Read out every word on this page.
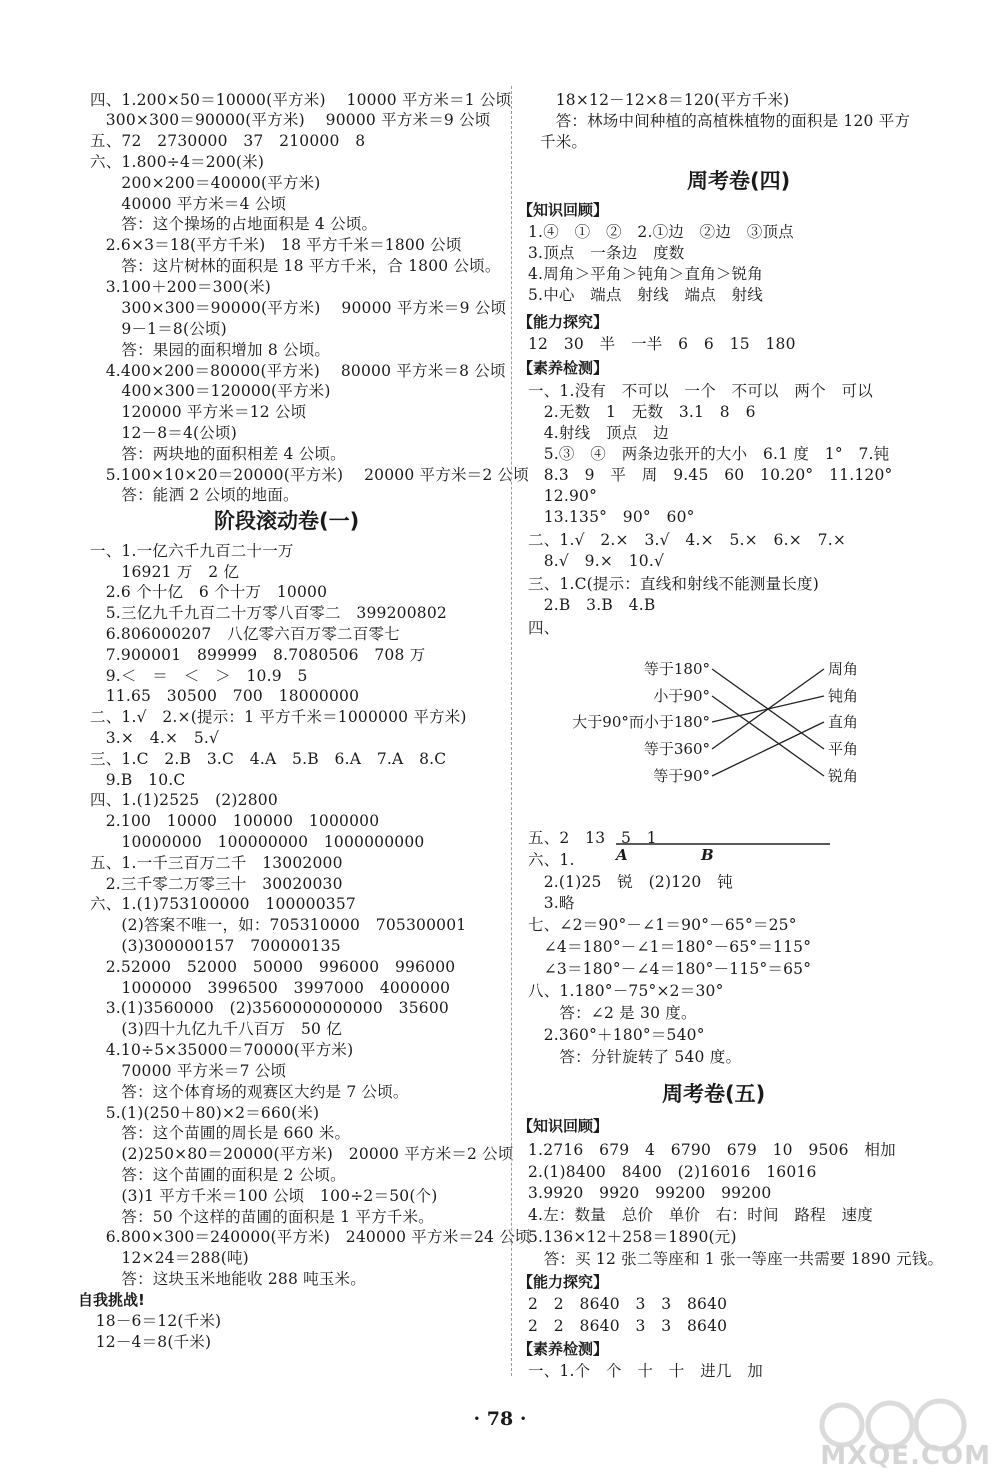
四、1.200×50＝10000(平方米)　 10000 平方米＝1 公顷
　300×300＝90000(平方米)　 90000 平方米＝9 公顷
五、72　2730000　37　210000　8
六、1.800÷4＝200(米)
　　200×200＝40000(平方米)
　　40000 平方米＝4 公顷
　　答：这个操场的占地面积是 4 公顷。
　2.6×3＝18(平方千米)　18 平方千米＝1800 公顷
　　答：这片树林的面积是 18 平方千米，合 1800 公顷。
　3.100＋200＝300(米)
　　300×300＝90000(平方米)　 90000 平方米＝9 公顷
　　9－1＝8(公顷)
　　答：果园的面积增加 8 公顷。
　4.400×200＝80000(平方米)　 80000 平方米＝8 公顷
　　400×300＝120000(平方米)
　　120000 平方米＝12 公顷
　　12－8＝4(公顷)
　　答：两块地的面积相差 4 公顷。
　5.100×10×20＝20000(平方米)　 20000 平方米＝2 公顷
　　答：能洒 2 公顷的地面。
一、1.一亿六千九百二十一万
　　16921 万　2 亿
　2.6 个十亿　6 个十万　10000
　5.三亿九千九百二十万零八百零二　399200802
　6.806000207　八亿零六百万零二百零七
　7.900001　899999　8.7080506　708 万
　9.＜　＝　＜　＞　10.9　5
　11.65　30500　700　18000000
二、1.√　2.×(提示：1 平方千米＝1000000 平方米)
　3.×　4.×　5.√
三、1.C　2.B　3.C　4.A　5.B　6.A　7.A　8.C
　9.B　10.C
四、1.(1)2525　(2)2800
　2.100　10000　100000　1000000
　　10000000　100000000　1000000000
五、1.一千三百万二千　13002000
　2.三千零二万零三十　30020030
六、1.(1)753100000　100000357
　　(2)答案不唯一，如：705310000　705300001
　　(3)300000157　700000135
　2.52000　52000　50000　996000　996000
　　1000000　3996500　3997000　4000000
　3.(1)3560000　(2)3560000000000　35600
　　(3)四十九亿九千八百万　50 亿
　4.10÷5×35000＝70000(平方米)
　　70000 平方米＝7 公顷
　　答：这个体育场的观赛区大约是 7 公顷。
　5.(1)(250＋80)×2＝660(米)
　　答：这个苗圃的周长是 660 米。
　　(2)250×80＝20000(平方米)　20000 平方米＝2 公顷
　　答：这个苗圃的面积是 2 公顷。
　　(3)1 平方千米＝100 公顷　100÷2＝50(个)
　　答：50 个这样的苗圃的面积是 1 平方千米。
　6.800×300＝240000(平方米)　240000 平方米＝24 公顷
　　12×24＝288(吨)
　　答：这块玉米地能收 288 吨玉米。
　18－6＝12(千米)
　12－4＝8(千米)
阶段滚动卷(一)
自我挑战!
　18×12－12×8＝120(平方千米)
　答：林场中间种植的高植株植物的面积是 120 平方
千米。
周考卷(四)
【知识回顾】
1.④　①　②　2.①边　②边　③顶点
3.顶点　一条边　度数
4.周角＞平角＞钝角＞直角＞锐角
5.中心　端点　射线　端点　射线
12　30　半　一半　6　6　15　180
一、1.没有　不可以　一个　不可以　两个　可以
　2.无数　1　无数　3.1　8　6
　4.射线　顶点　边
　5.③　④　两条边张开的大小　6.1 度　1°　7.钝
　8.3　9　平　周　9.45　60　10.20°　11.120°
　12.90°
　13.135°　90°　60°
二、1.√　2.×　3.√　4.×　5.×　6.×　7.×
　8.√　9.×　10.√
三、1.C(提示：直线和射线不能测量长度)
　2.B　3.B　4.B
四、
【能力探究】
【素养检测】
五、2　13　5　1
六、1.
　2.(1)25　锐　(2)120　钝
　3.略
七、∠2＝90°－∠1＝90°－65°＝25°
　∠4＝180°－∠1＝180°－65°＝115°
　∠3＝180°－∠4＝180°－115°＝65°
八、1.180°－75°×2＝30°
　　答：∠2 是 30 度。
　2.360°＋180°＝540°
　　答：分针旋转了 540 度。
周考卷(五)
【知识回顾】
【能力探究】
【素养检测】
1.2716　679　4　6790　679　10　9506　相加
2.(1)8400　8400　(2)16016　16016
3.9920　9920　99200　99200
4.左：数量　总价　单价　右：时间　路程　速度
5.136×12＋258＝1890(元)
　答：买 12 张二等座和 1 张一等座一共需要 1890 元钱。
2　2　8640　3　3　8640
2　2　8640　3　3　8640
一、1.个　个　十　十　进几　加
等于180°
小于90°
大于90°而小于180°
等于360°
等于90°
周角
钝角
直角
平角
锐角
A	B
· 78 ·
MXQE.COM
